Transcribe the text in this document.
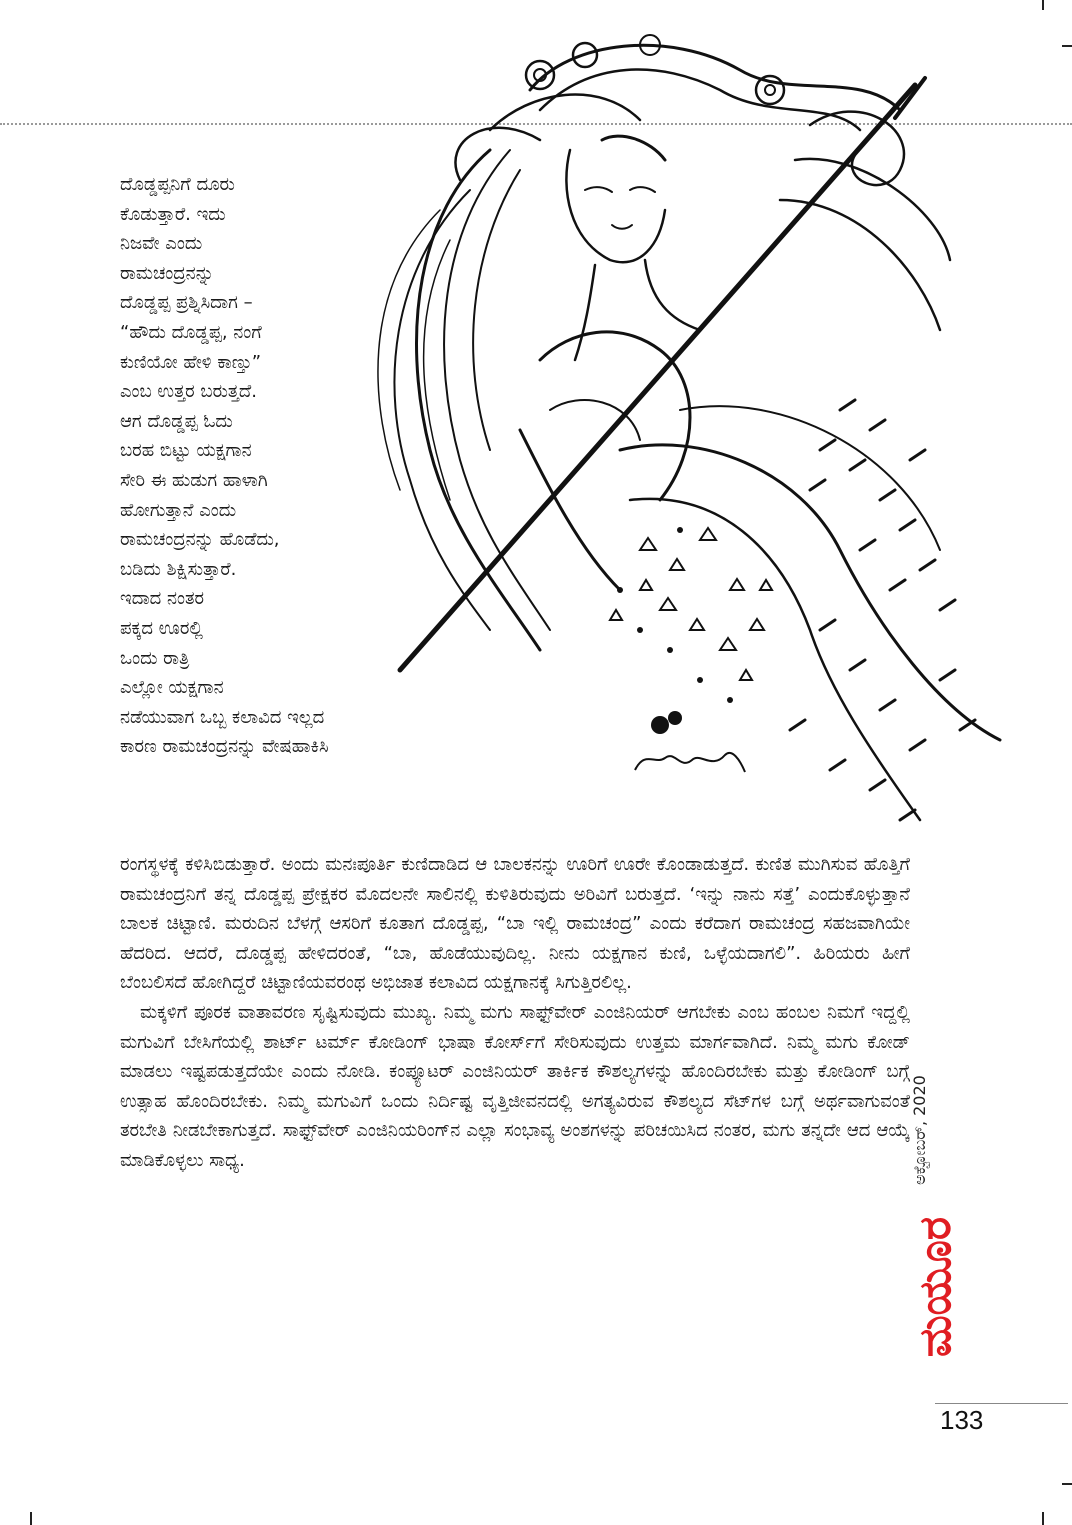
ದೊಡ್ಡಪ್ಪನಿಗೆ ದೂರು
ಕೊಡುತ್ತಾರೆ. ಇದು
ನಿಜವೇ ಎಂದು
ರಾಮಚಂದ್ರನನ್ನು
ದೊಡ್ಡಪ್ಪ ಪ್ರಶ್ನಿಸಿದಾಗ –
“ಹೌದು ದೊಡ್ಡಪ್ಪ, ನಂಗೆ
ಕುಣಿಯೋ ಹೇಳಿ ಕಾಣ್ತು”
ಎಂಬ ಉತ್ತರ ಬರುತ್ತದೆ.
ಆಗ ದೊಡ್ಡಪ್ಪ ಓದು
ಬರಹ ಬಿಟ್ಟು ಯಕ್ಷಗಾನ
ಸೇರಿ ಈ ಹುಡುಗ ಹಾಳಾಗಿ
ಹೋಗುತ್ತಾನೆ ಎಂದು
ರಾಮಚಂದ್ರನನ್ನು ಹೊಡೆದು,
ಬಡಿದು ಶಿಕ್ಷಿಸುತ್ತಾರೆ.
ಇದಾದ ನಂತರ
ಪಕ್ಕದ ಊರಲ್ಲಿ
ಒಂದು ರಾತ್ರಿ
ಎಲ್ಲೋ ಯಕ್ಷಗಾನ
ನಡೆಯುವಾಗ ಒಬ್ಬ ಕಲಾವಿದ ಇಲ್ಲದ
ಕಾರಣ ರಾಮಚಂದ್ರನನ್ನು ವೇಷಹಾಕಿಸಿ

ರಂಗಸ್ಥಳಕ್ಕೆ ಕಳಿಸಿಬಿಡುತ್ತಾರೆ. ಅಂದು ಮನಃಪೂರ್ತಿ ಕುಣಿದಾಡಿದ ಆ ಬಾಲಕನನ್ನು ಊರಿಗೆ ಊರೇ ಕೊಂಡಾಡುತ್ತದೆ. ಕುಣಿತ ಮುಗಿಸುವ ಹೊತ್ತಿಗೆ ರಾಮಚಂದ್ರನಿಗೆ ತನ್ನ ದೊಡ್ಡಪ್ಪ ಪ್ರೇಕ್ಷಕರ ಮೊದಲನೇ ಸಾಲಿನಲ್ಲಿ ಕುಳಿತಿರುವುದು ಅರಿವಿಗೆ ಬರುತ್ತದೆ. ‘ಇನ್ನು ನಾನು ಸತ್ತೆ’ ಎಂದುಕೊಳ್ಳುತ್ತಾನೆ ಬಾಲಕ ಚಿಟ್ಟಾಣಿ. ಮರುದಿನ ಬೆಳಗ್ಗೆ ಆಸರಿಗೆ ಕೂತಾಗ ದೊಡ್ಡಪ್ಪ, “ಬಾ ಇಲ್ಲಿ ರಾಮಚಂದ್ರ” ಎಂದು ಕರೆದಾಗ ರಾಮಚಂದ್ರ ಸಹಜವಾಗಿಯೇ ಹೆದರಿದ. ಆದರೆ, ದೊಡ್ಡಪ್ಪ ಹೇಳಿದರಂತೆ, “ಬಾ, ಹೊಡೆಯುವುದಿಲ್ಲ. ನೀನು ಯಕ್ಷಗಾನ ಕುಣಿ, ಒಳ್ಳೆಯದಾಗಲಿ”. ಹಿರಿಯರು ಹೀಗೆ ಬೆಂಬಲಿಸದೆ ಹೋಗಿದ್ದರೆ ಚಿಟ್ಟಾಣಿಯವರಂಥ ಅಭಿಜಾತ ಕಲಾವಿದ ಯಕ್ಷಗಾನಕ್ಕೆ ಸಿಗುತ್ತಿರಲಿಲ್ಲ.

ಮಕ್ಕಳಿಗೆ ಪೂರಕ ವಾತಾವರಣ ಸೃಷ್ಟಿಸುವುದು ಮುಖ್ಯ. ನಿಮ್ಮ ಮಗು ಸಾಫ್ಟ್‌ವೇರ್ ಎಂಜಿನಿಯರ್ ಆಗಬೇಕು ಎಂಬ ಹಂಬಲ ನಿಮಗೆ ಇದ್ದಲ್ಲಿ ಮಗುವಿಗೆ ಬೇಸಿಗೆಯಲ್ಲಿ ಶಾರ್ಟ್ ಟರ್ಮ್ ಕೋಡಿಂಗ್ ಭಾಷಾ ಕೋರ್ಸ್‌ಗೆ ಸೇರಿಸುವುದು ಉತ್ತಮ ಮಾರ್ಗವಾಗಿದೆ. ನಿಮ್ಮ ಮಗು ಕೋಡ್ ಮಾಡಲು ಇಷ್ಟಪಡುತ್ತದೆಯೇ ಎಂದು ನೋಡಿ. ಕಂಪ್ಯೂಟರ್ ಎಂಜಿನಿಯರ್ ತಾರ್ಕಿಕ ಕೌಶಲ್ಯಗಳನ್ನು ಹೊಂದಿರಬೇಕು ಮತ್ತು ಕೋಡಿಂಗ್ ಬಗ್ಗೆ ಉತ್ಸಾಹ ಹೊಂದಿರಬೇಕು. ನಿಮ್ಮ ಮಗುವಿಗೆ ಒಂದು ನಿರ್ದಿಷ್ಟ ವೃತ್ತಿಜೀವನದಲ್ಲಿ ಅಗತ್ಯವಿರುವ ಕೌಶಲ್ಯದ ಸೆಟ್‌ಗಳ ಬಗ್ಗೆ ಅರ್ಥವಾಗುವಂತೆ ತರಬೇತಿ ನೀಡಬೇಕಾಗುತ್ತದೆ. ಸಾಫ್ಟ್‌ವೇರ್ ಎಂಜಿನಿಯರಿಂಗ್‌ನ ಎಲ್ಲಾ ಸಂಭಾವ್ಯ ಅಂಶಗಳನ್ನು ಪರಿಚಯಿಸಿದ ನಂತರ, ಮಗು ತನ್ನದೇ ಆದ ಆಯ್ಕೆ ಮಾಡಿಕೊಳ್ಳಲು ಸಾಧ್ಯ.	ಅಕ್ಟೋಬರ್, 2020
ಮಯೂರ
133
